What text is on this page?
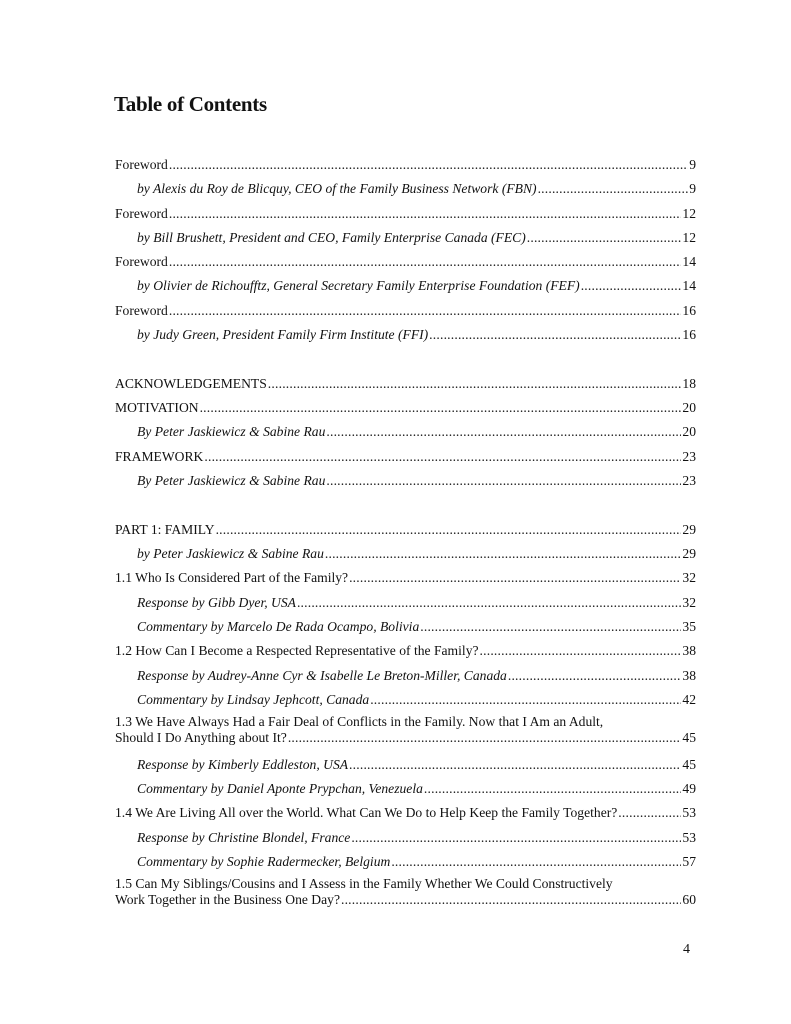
Table of Contents
Foreword .....	9
by Alexis du Roy de Blicquy, CEO of the Family Business Network (FBN) .....	9
Foreword .....	12
by Bill Brushett, President and CEO, Family Enterprise Canada (FEC) .....	12
Foreword .....	14
by Olivier de Richoufftz, General Secretary Family Enterprise Foundation (FEF) .....	14
Foreword .....	16
by Judy Green, President Family Firm Institute (FFI) .....	16
ACKNOWLEDGEMENTS .....	18
MOTIVATION .....	20
By Peter Jaskiewicz & Sabine Rau .....	20
FRAMEWORK .....	23
By Peter Jaskiewicz & Sabine Rau .....	23
PART 1: FAMILY .....	29
by Peter Jaskiewicz & Sabine Rau .....	29
1.1 Who Is Considered Part of the Family? .....	32
Response by Gibb Dyer, USA .....	32
Commentary by Marcelo De Rada Ocampo, Bolivia .....	35
1.2 How Can I Become a Respected Representative of the Family? .....	38
Response by Audrey-Anne Cyr & Isabelle Le Breton-Miller, Canada .....	38
Commentary by Lindsay Jephcott, Canada .....	42
1.3 We Have Always Had a Fair Deal of Conflicts in the Family. Now that I Am an Adult,
Should I Do Anything about It? .....	45
Response by Kimberly Eddleston, USA .....	45
Commentary by Daniel Aponte Prypchan, Venezuela .....	49
1.4 We Are Living All over the World. What Can We Do to Help Keep the Family Together? .....	53
Response by Christine Blondel, France .....	53
Commentary by Sophie Radermecker, Belgium .....	57
1.5 Can My Siblings/Cousins and I Assess in the Family Whether We Could Constructively
Work Together in the Business One Day? .....	60
4
